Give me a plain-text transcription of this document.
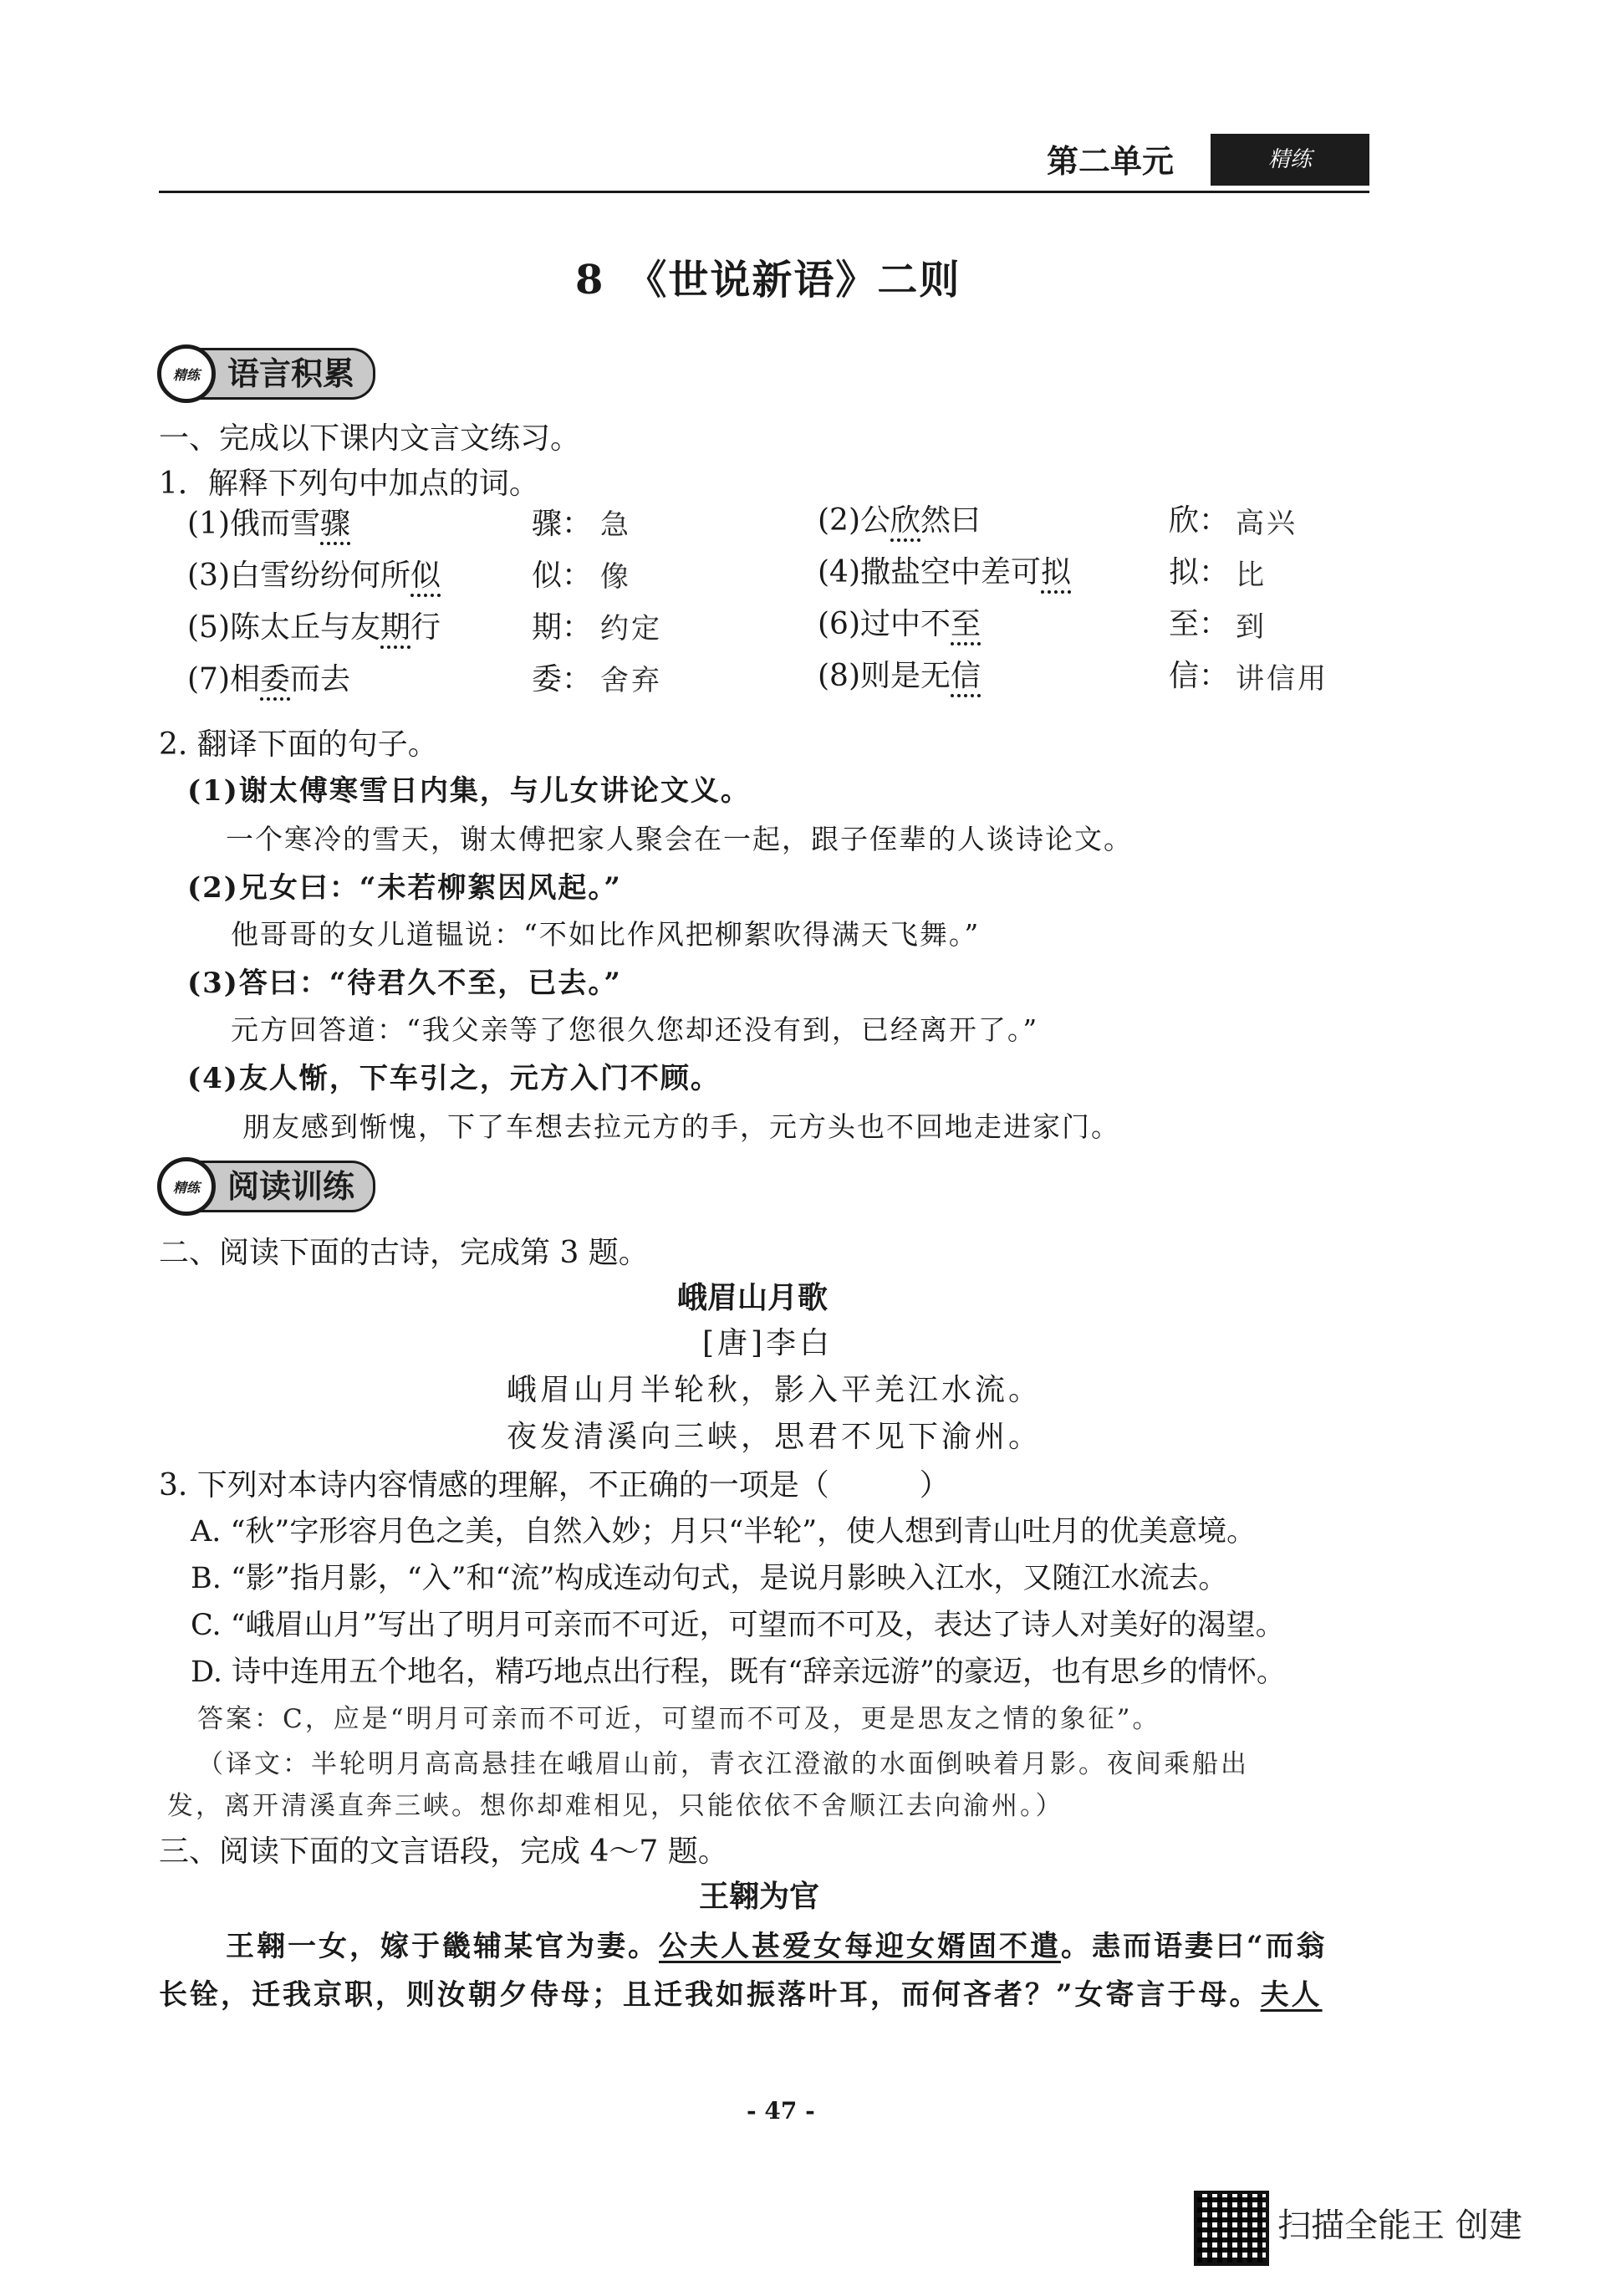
第二单元	精练
8　《世说新语》二则
精练 语言积累
一、完成以下课内文言文练习。
1．解释下列句中加点的词。
(1)俄而雪骤	骤： 急	(2)公欣然曰	欣： 高兴
(3)白雪纷纷何所似	似： 像	(4)撒盐空中差可拟	拟： 比
(5)陈太丘与友期行	期： 约定	(6)过中不至	至： 到
(7)相委而去	委： 舍弃	(8)则是无信	信： 讲信用
2. 翻译下面的句子。
(1)谢太傅寒雪日内集，与儿女讲论文义。
一个寒冷的雪天，谢太傅把家人聚会在一起，跟子侄辈的人谈诗论文。
(2)兄女曰：“未若柳絮因风起。”
他哥哥的女儿道韫说：“不如比作风把柳絮吹得满天飞舞。”
(3)答曰：“待君久不至，已去。”
元方回答道：“我父亲等了您很久您却还没有到，已经离开了。”
(4)友人惭，下车引之，元方入门不顾。
朋友感到惭愧，下了车想去拉元方的手，元方头也不回地走进家门。
精练 阅读训练
二、阅读下面的古诗，完成第 3 题。
峨眉山月歌
[唐]李白
峨眉山月半轮秋，影入平羌江水流。
夜发清溪向三峡，思君不见下渝州。
3. 下列对本诗内容情感的理解，不正确的一项是（　　　）
A. “秋”字形容月色之美，自然入妙；月只“半轮”，使人想到青山吐月的优美意境。
B. “影”指月影，“入”和“流”构成连动句式，是说月影映入江水，又随江水流去。
C. “峨眉山月”写出了明月可亲而不可近，可望而不可及，表达了诗人对美好的渴望。
D. 诗中连用五个地名，精巧地点出行程，既有“辞亲远游”的豪迈，也有思乡的情怀。
答案：C，应是“明月可亲而不可近，可望而不可及，更是思友之情的象征”。
（译文：半轮明月高高悬挂在峨眉山前，青衣江澄澈的水面倒映着月影。夜间乘船出
发，离开清溪直奔三峡。想你却难相见，只能依依不舍顺江去向渝州。）
三、阅读下面的文言语段，完成 4～7 题。
王翱为官
王翱一女，嫁于畿辅某官为妻。公夫人甚爱女每迎女婿固不遣。恚而语妻曰“而翁
长铨，迁我京职，则汝朝夕侍母；且迁我如振落叶耳，而何吝者？”女寄言于母。夫人
- 47 -
扫描全能王 创建
